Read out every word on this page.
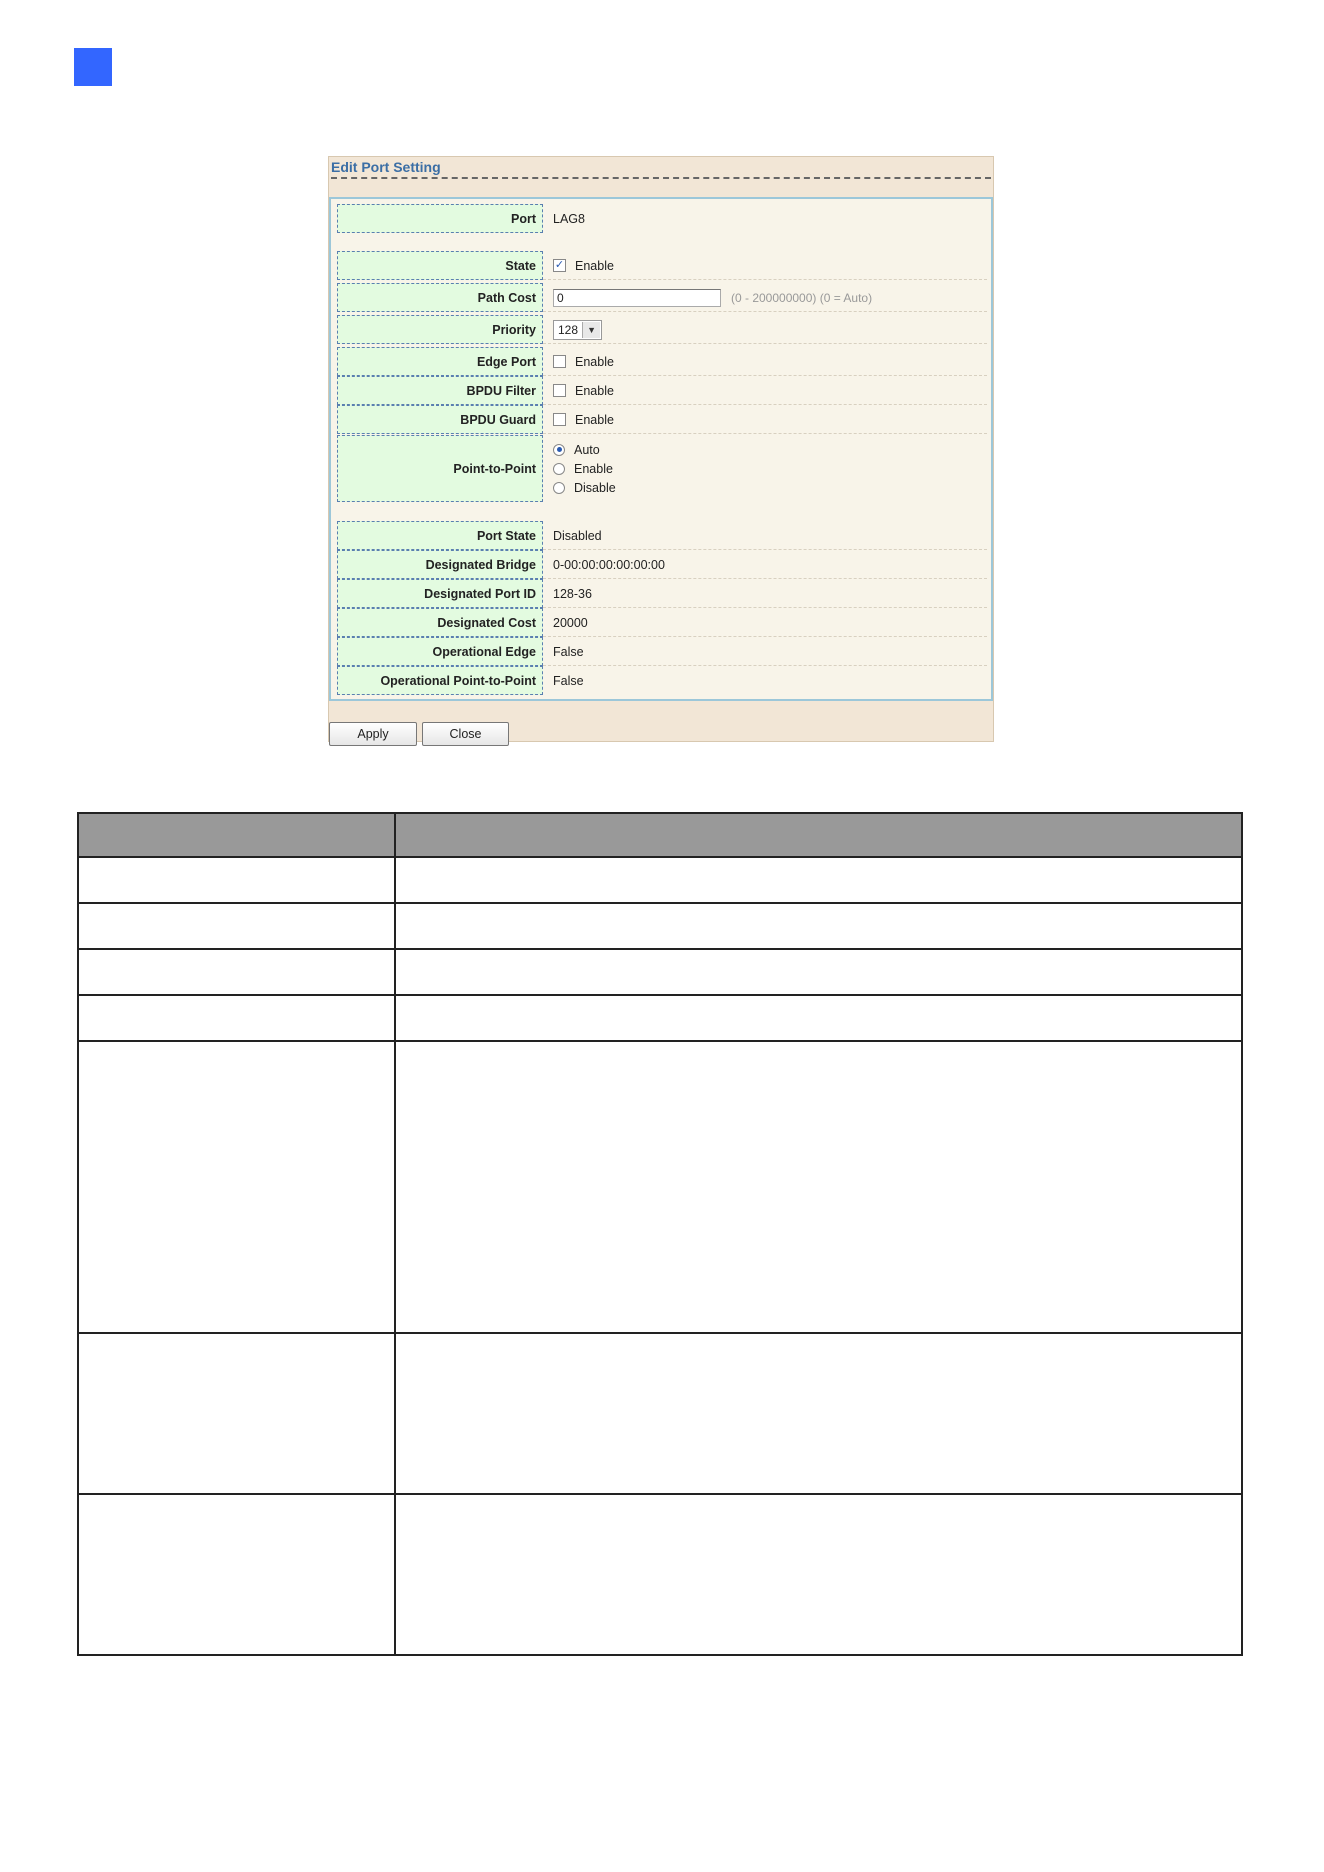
Edit Port Setting
Port	LAG8
State	✓ Enable
Path Cost	0	(0 - 200000000) (0 = Auto)
Priority	128	▼
Edge Port	Enable
BPDU Filter	Enable
BPDU Guard	Enable
Point-to-Point
Auto
Enable
Disable
Port State	Disabled
Designated Bridge	0-00:00:00:00:00:00
Designated Port ID	128-36
Designated Cost	20000
Operational Edge	False
Operational Point-to-Point	False
Apply	Close
